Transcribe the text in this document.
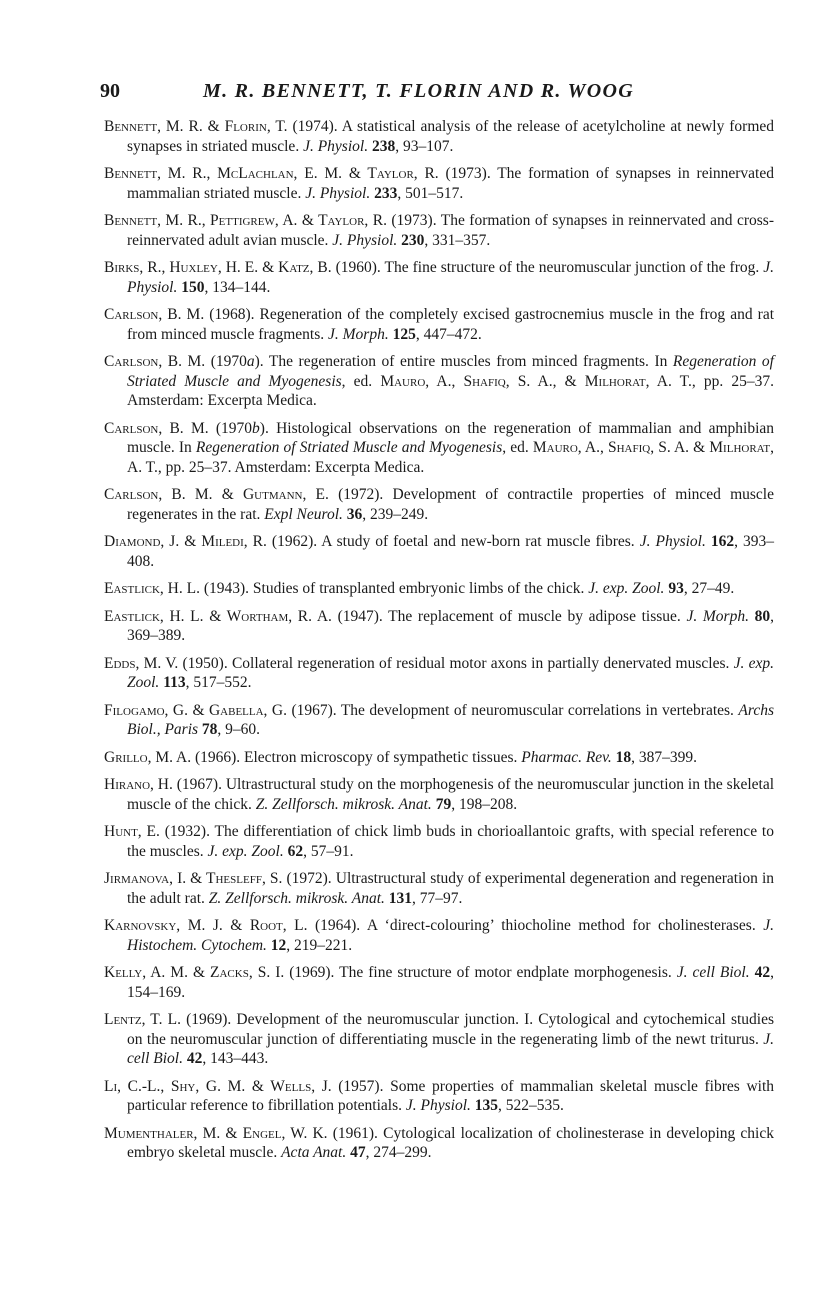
90	M. R. BENNETT, T. FLORIN AND R. WOOG
Bennett, M. R. & Florin, T. (1974). A statistical analysis of the release of acetylcholine at newly formed synapses in striated muscle. J. Physiol. 238, 93–107.
Bennett, M. R., McLachlan, E. M. & Taylor, R. (1973). The formation of synapses in reinnervated mammalian striated muscle. J. Physiol. 233, 501–517.
Bennett, M. R., Pettigrew, A. & Taylor, R. (1973). The formation of synapses in reinnervated and cross-reinnervated adult avian muscle. J. Physiol. 230, 331–357.
Birks, R., Huxley, H. E. & Katz, B. (1960). The fine structure of the neuromuscular junction of the frog. J. Physiol. 150, 134–144.
Carlson, B. M. (1968). Regeneration of the completely excised gastrocnemius muscle in the frog and rat from minced muscle fragments. J. Morph. 125, 447–472.
Carlson, B. M. (1970a). The regeneration of entire muscles from minced fragments. In Regeneration of Striated Muscle and Myogenesis, ed. Mauro, A., Shafiq, S. A., & Milhorat, A. T., pp. 25–37. Amsterdam: Excerpta Medica.
Carlson, B. M. (1970b). Histological observations on the regeneration of mammalian and amphibian muscle. In Regeneration of Striated Muscle and Myogenesis, ed. Mauro, A., Shafiq, S. A. & Milhorat, A. T., pp. 25–37. Amsterdam: Excerpta Medica.
Carlson, B. M. & Gutmann, E. (1972). Development of contractile properties of minced muscle regenerates in the rat. Expl Neurol. 36, 239–249.
Diamond, J. & Miledi, R. (1962). A study of foetal and new-born rat muscle fibres. J. Physiol. 162, 393–408.
Eastlick, H. L. (1943). Studies of transplanted embryonic limbs of the chick. J. exp. Zool. 93, 27–49.
Eastlick, H. L. & Wortham, R. A. (1947). The replacement of muscle by adipose tissue. J. Morph. 80, 369–389.
Edds, M. V. (1950). Collateral regeneration of residual motor axons in partially denervated muscles. J. exp. Zool. 113, 517–552.
Filogamo, G. & Gabella, G. (1967). The development of neuromuscular correlations in vertebrates. Archs Biol., Paris 78, 9–60.
Grillo, M. A. (1966). Electron microscopy of sympathetic tissues. Pharmac. Rev. 18, 387–399.
Hirano, H. (1967). Ultrastructural study on the morphogenesis of the neuromuscular junction in the skeletal muscle of the chick. Z. Zellforsch. mikrosk. Anat. 79, 198–208.
Hunt, E. (1932). The differentiation of chick limb buds in chorioallantoic grafts, with special reference to the muscles. J. exp. Zool. 62, 57–91.
Jirmanova, I. & Thesleff, S. (1972). Ultrastructural study of experimental degeneration and regeneration in the adult rat. Z. Zellforsch. mikrosk. Anat. 131, 77–97.
Karnovsky, M. J. & Root, L. (1964). A ‘direct-colouring’ thiocholine method for cholinesterases. J. Histochem. Cytochem. 12, 219–221.
Kelly, A. M. & Zacks, S. I. (1969). The fine structure of motor endplate morphogenesis. J. cell Biol. 42, 154–169.
Lentz, T. L. (1969). Development of the neuromuscular junction. I. Cytological and cytochemical studies on the neuromuscular junction of differentiating muscle in the regenerating limb of the newt triturus. J. cell Biol. 42, 143–443.
Li, C.-L., Shy, G. M. & Wells, J. (1957). Some properties of mammalian skeletal muscle fibres with particular reference to fibrillation potentials. J. Physiol. 135, 522–535.
Mumenthaler, M. & Engel, W. K. (1961). Cytological localization of cholinesterase in developing chick embryo skeletal muscle. Acta Anat. 47, 274–299.
